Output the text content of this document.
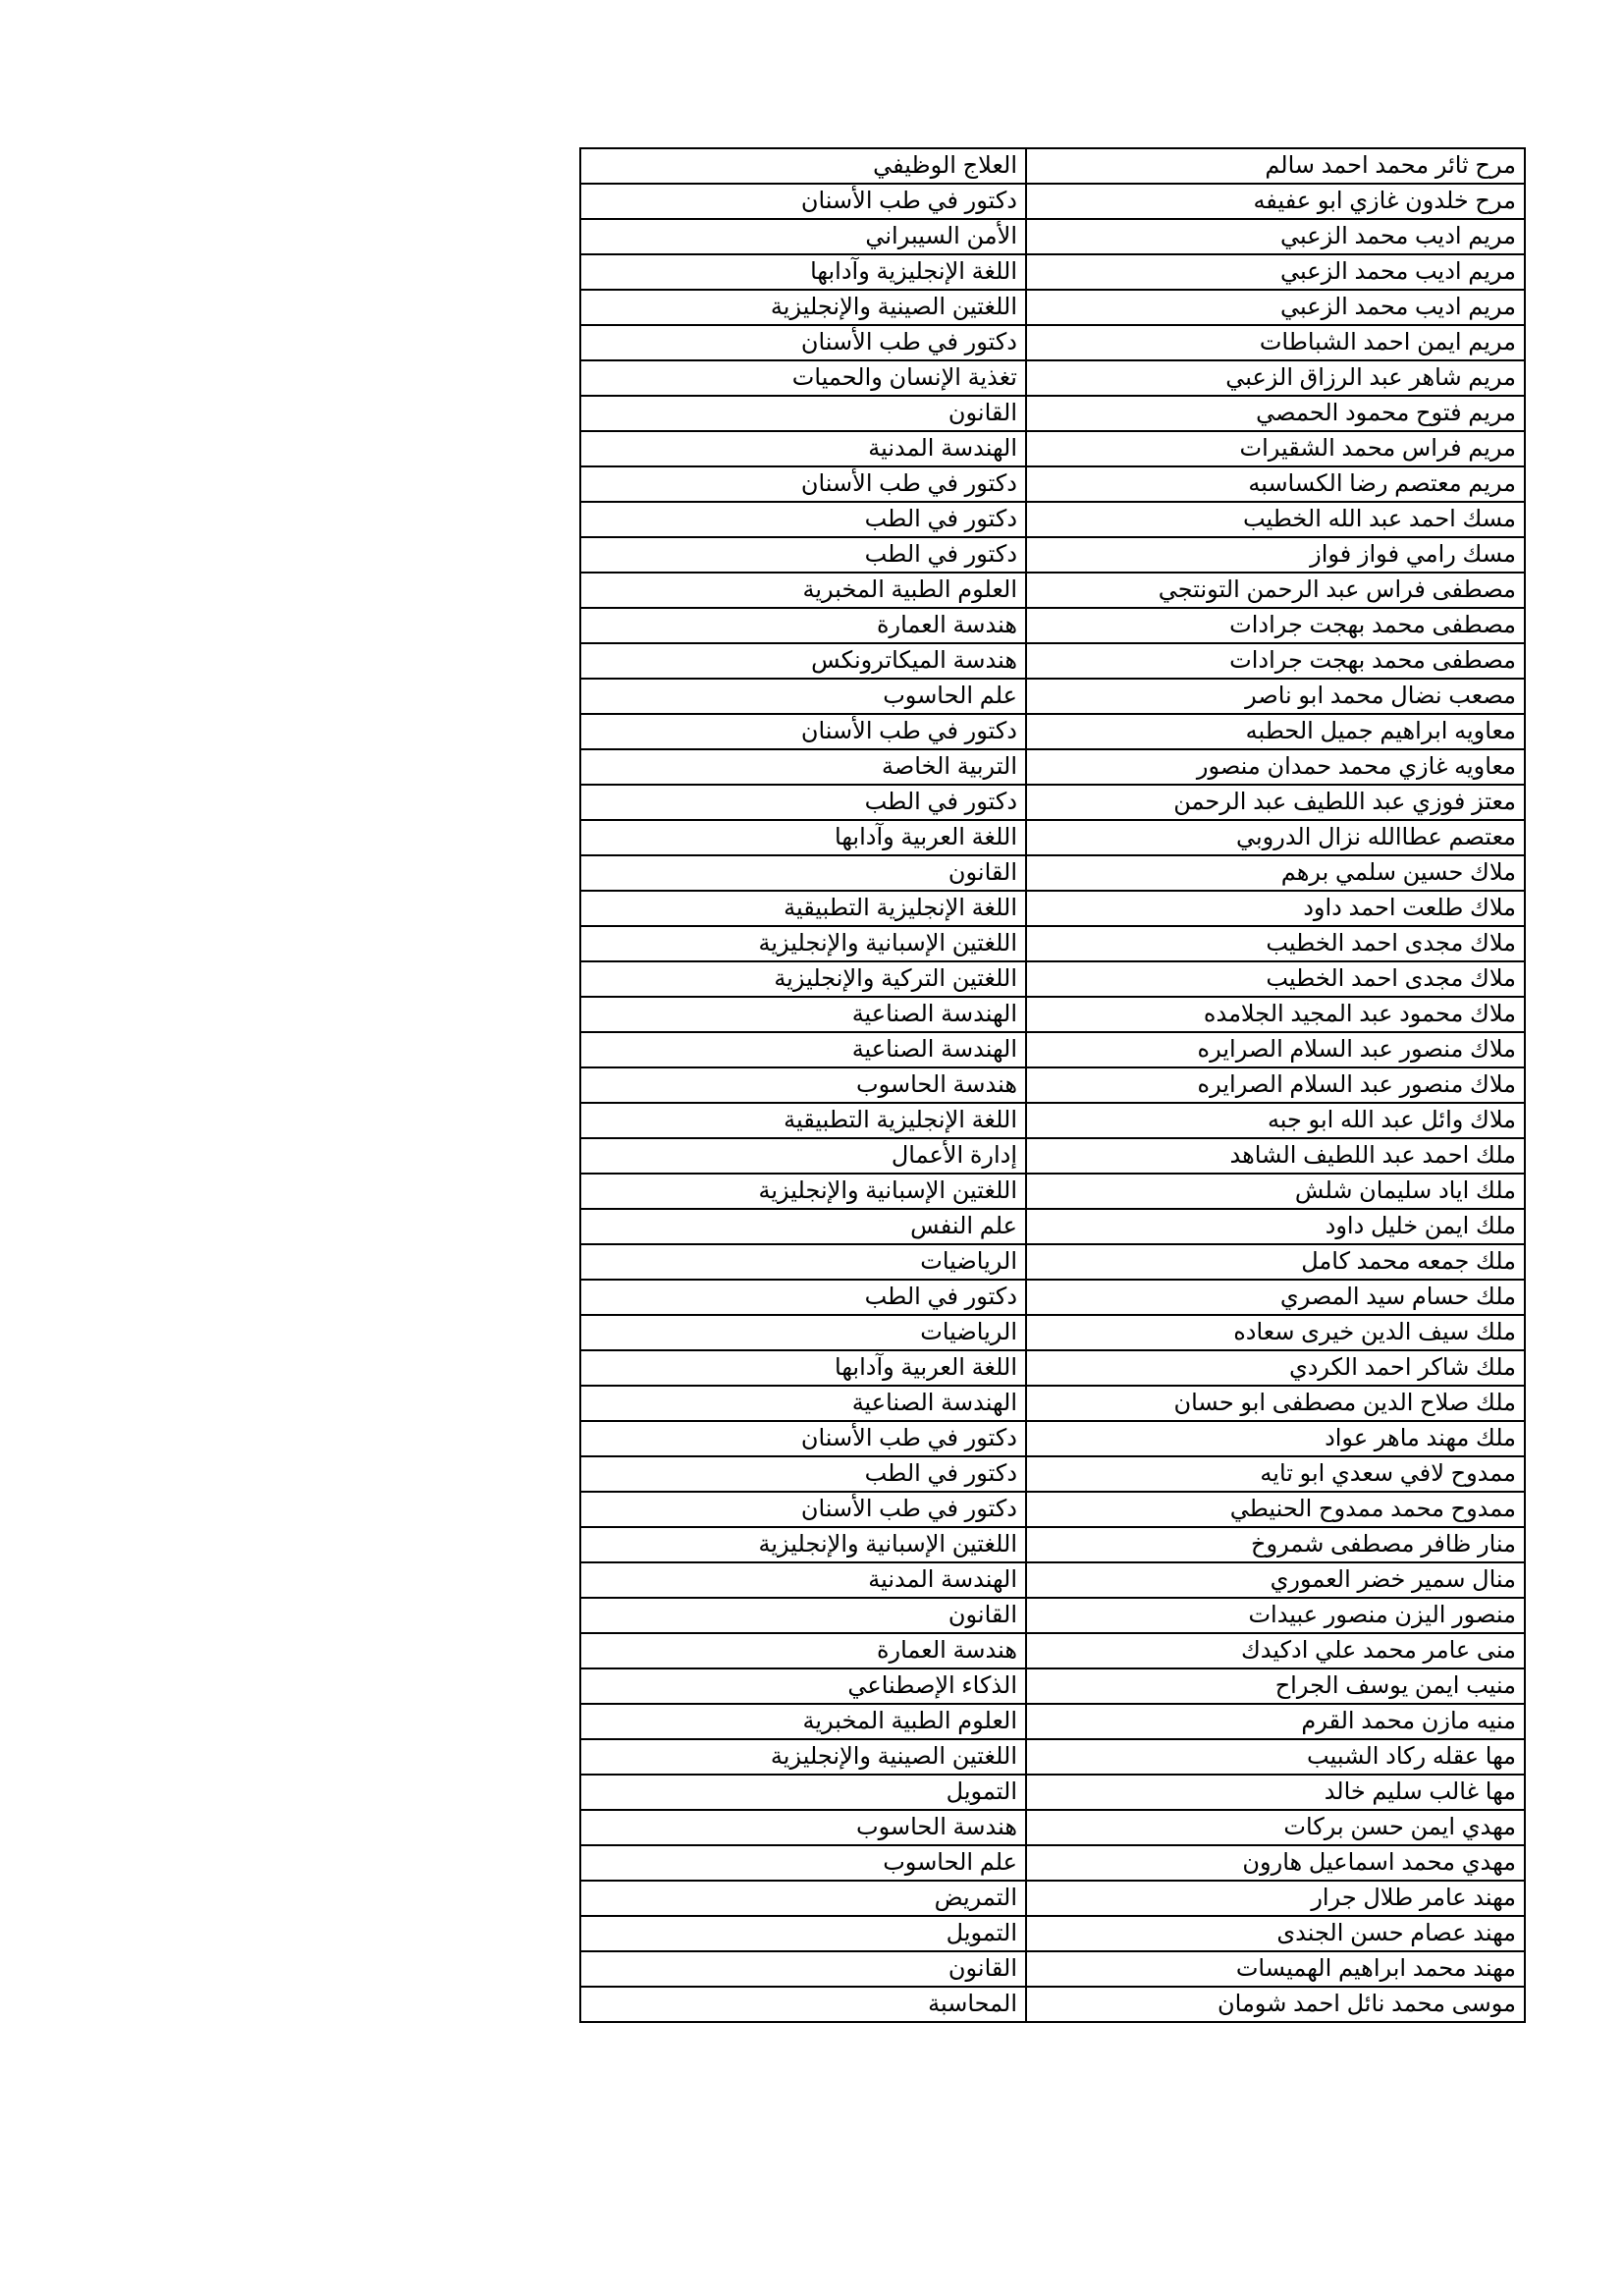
مرح ثائر محمد احمد سالم	العلاج الوظيفي
مرح خلدون غازي ابو عفيفه	دكتور في طب الأسنان
مريم اديب محمد الزعبي	الأمن السيبراني
مريم اديب محمد الزعبي	اللغة الإنجليزية وآدابها
مريم اديب محمد الزعبي	اللغتين الصينية والإنجليزية
مريم ايمن احمد الشباطات	دكتور في طب الأسنان
مريم شاهر عبد الرزاق الزعبي	تغذية الإنسان والحميات
مريم فتوح محمود الحمصي	القانون
مريم فراس محمد الشقيرات	الهندسة المدنية
مريم معتصم رضا الكساسبه	دكتور في طب الأسنان
مسك احمد عبد الله الخطيب	دكتور في الطب
مسك رامي فواز فواز	دكتور في الطب
مصطفى فراس عبد الرحمن التونتجي	العلوم الطبية المخبرية
مصطفى محمد بهجت جرادات	هندسة العمارة
مصطفى محمد بهجت جرادات	هندسة الميكاترونكس
مصعب نضال محمد ابو ناصر	علم الحاسوب
معاويه ابراهيم جميل الحطبه	دكتور في طب الأسنان
معاويه غازي محمد حمدان منصور	التربية الخاصة
معتز فوزي عبد اللطيف عبد الرحمن	دكتور في الطب
معتصم عطاالله نزال الدروبي	اللغة العربية وآدابها
ملاك حسين سلمي برهم	القانون
ملاك طلعت احمد داود	اللغة الإنجليزية التطبيقية
ملاك مجدى احمد الخطيب	اللغتين الإسبانية والإنجليزية
ملاك مجدى احمد الخطيب	اللغتين التركية والإنجليزية
ملاك محمود عبد المجيد الجلامده	الهندسة الصناعية
ملاك منصور عبد السلام الصرايره	الهندسة الصناعية
ملاك منصور عبد السلام الصرايره	هندسة الحاسوب
ملاك وائل عبد الله ابو جبه	اللغة الإنجليزية التطبيقية
ملك احمد عبد اللطيف الشاهد	إدارة الأعمال
ملك اياد سليمان شلش	اللغتين الإسبانية والإنجليزية
ملك ايمن خليل داود	علم النفس
ملك جمعه محمد كامل	الرياضيات
ملك حسام سيد المصري	دكتور في الطب
ملك سيف الدين خيرى سعاده	الرياضيات
ملك شاكر احمد الكردي	اللغة العربية وآدابها
ملك صلاح الدين مصطفى ابو حسان	الهندسة الصناعية
ملك مهند ماهر عواد	دكتور في طب الأسنان
ممدوح لافي سعدي ابو تايه	دكتور في الطب
ممدوح محمد ممدوح الحنيطي	دكتور في طب الأسنان
منار ظافر مصطفى شمروخ	اللغتين الإسبانية والإنجليزية
منال سمير خضر العموري	الهندسة المدنية
منصور اليزن منصور عبيدات	القانون
منى عامر محمد علي ادكيدك	هندسة العمارة
منيب ايمن يوسف الجراح	الذكاء الإصطناعي
منيه مازن محمد القرم	العلوم الطبية المخبرية
مها عقله ركاد الشبيب	اللغتين الصينية والإنجليزية
مها غالب سليم خالد	التمويل
مهدي ايمن حسن بركات	هندسة الحاسوب
مهدي محمد اسماعيل هارون	علم الحاسوب
مهند عامر طلال جرار	التمريض
مهند عصام حسن الجندى	التمويل
مهند محمد ابراهيم الهميسات	القانون
موسى محمد نائل احمد شومان	المحاسبة
